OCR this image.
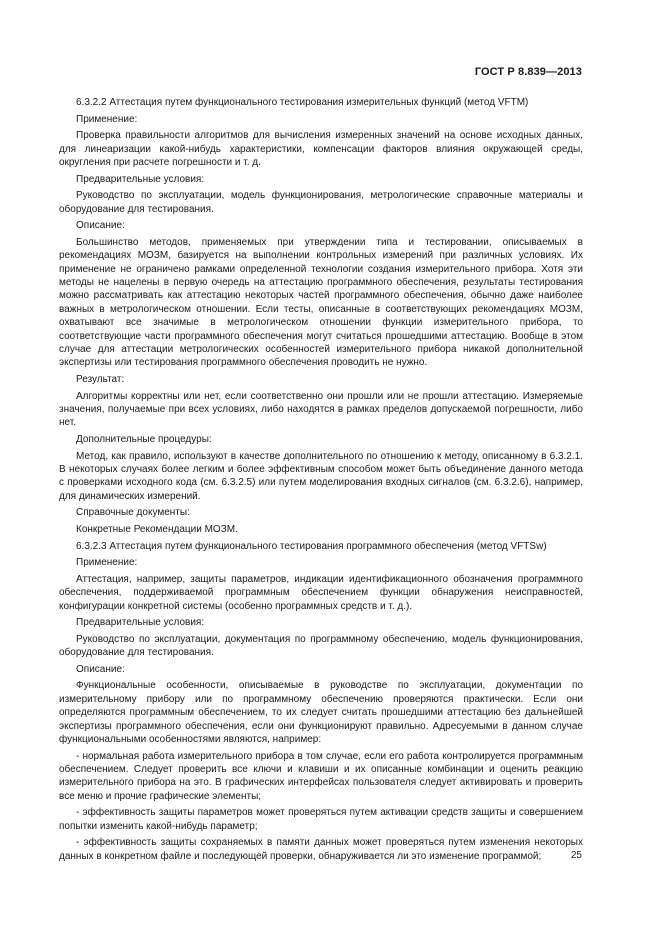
ГОСТ Р 8.839—2013

6.3.2.2 Аттестация путем функционального тестирования измерительных функций (метод VFTM)

Применение:

Проверка правильности алгоритмов для вычисления измеренных значений на основе исходных данных, для линеаризации какой-нибудь характеристики, компенсации факторов влияния окружающей среды, округления при расчете погрешности и т. д.

Предварительные условия:

Руководство по эксплуатации, модель функционирования, метрологические справочные материалы и оборудование для тестирования.

Описание:

Большинство методов, применяемых при утверждении типа и тестировании, описываемых в рекомендациях МОЗМ, базируется на выполнении контрольных измерений при различных условиях. Их применение не ограничено рамками определенной технологии создания измерительного прибора. Хотя эти методы не нацелены в первую очередь на аттестацию программного обеспечения, результаты тестирования можно рассматривать как аттестацию некоторых частей программного обеспечения, обычно даже наиболее важных в метрологическом отношении. Если тесты, описанные в соответствующих рекомендациях МОЗМ, охватывают все значимые в метрологическом отношении функции измерительного прибора, то соответствующие части программного обеспечения могут считаться прошедшими аттестацию. Вообще в этом случае для аттестации метрологических особенностей измерительного прибора никакой дополнительной экспертизы или тестирования программного обеспечения проводить не нужно.

Результат:

Алгоритмы корректны или нет, если соответственно они прошли или не прошли аттестацию. Измеряемые значения, получаемые при всех условиях, либо находятся в рамках пределов допускаемой погрешности, либо нет.

Дополнительные процедуры:

Метод, как правило, используют в качестве дополнительного по отношению к методу, описанному в 6.3.2.1. В некоторых случаях более легким и более эффективным способом может быть объединение данного метода с проверками исходного кода (см. 6.3.2.5) или путем моделирования входных сигналов (см. 6.3.2.6), например, для динамических измерений.

Справочные документы:

Конкретные Рекомендации МОЗМ.

6.3.2.3 Аттестация путем функционального тестирования программного обеспечения (метод VFTSw)

Применение:

Аттестация, например, защиты параметров, индикации идентификационного обозначения программного обеспечения, поддерживаемой программным обеспечением функции обнаружения неисправностей, конфигурации конкретной системы (особенно программных средств и т. д.).

Предварительные условия:

Руководство по эксплуатации, документация по программному обеспечению, модель функционирования, оборудование для тестирования.

Описание:

Функциональные особенности, описываемые в руководстве по эксплуатации, документации по измерительному прибору или по программному обеспечению проверяются практически. Если они определяются программным обеспечением, то их следует считать прошедшими аттестацию без дальнейшей экспертизы программного обеспечения, если они функционируют правильно. Адресуемыми в данном случае функциональными особенностями являются, например:

- нормальная работа измерительного прибора в том случае, если его работа контролируется программным обеспечением. Следует проверить все ключи и клавиши и их описанные комбинации и оценить реакцию измерительного прибора на это. В графических интерфейсах пользователя следует активировать и проверить все меню и прочие графические элементы;

- эффективность защиты параметров может проверяться путем активации средств защиты и совершением попытки изменить какой-нибудь параметр;

- эффективность защиты сохраняемых в памяти данных может проверяться путем изменения некоторых данных в конкретном файле и последующей проверки, обнаруживается ли это изменение программой;	25
